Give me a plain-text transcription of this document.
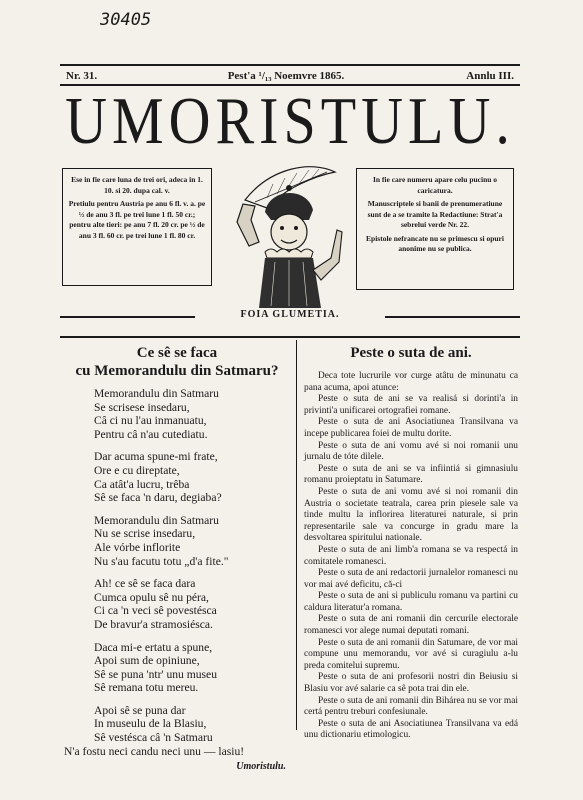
30405
Nr. 31.	Pest'a ¹/₁₃ Noemvre 1865.	Annlu III.
UMORISTULU.

Ese in fie care luna de trei ori, adeca in 1. 10. si 20. dupa cal. v.

Pretiulu pentru Austria pe anu 6 fl. v. a. pe ½ de anu 3 fl. pe trei lune 1 fl. 50 cr.; pentru alte tieri: pe anu 7 fl. 20 cr. pe ½ de anu 3 fl. 60 cr. pe trei lune 1 fl. 80 cr.

In fie care numeru apare celu pucinu o caricatura.

Manuscriptele si banii de prenumeratiune sunt de a se tramite la Redactiune: Strat'a sebrelui verde Nr. 22.

Epistole nefrancate nu se primescu si opuri anonime nu se publica.

FOIA GLUMETIA.
Ce sê se faca
cu Memorandulu din Satmaru?
Memorandulu din Satmaru
Se scrisese insedaru,
Câ ci nu l'au inmanuatu,
Pentru câ n'au cutediatu.
Dar acuma spune-mi frate,
Ore e cu direptate,
Ca atât'a lucru, trêba
Sê se faca 'n daru, degiaba?
Memorandulu din Satmaru
Nu se scrise insedaru,
Ale vórbe inflorite
Nu s'au facutu totu „d'a fite."
Ah! ce sê se faca dara
Cumca opulu sê nu péra,
Ci ca 'n veci sê povestésca
De bravur'a stramosiésca.
Daca mi-e ertatu a spune,
Apoi sum de opiniune,
Sê se puna 'ntr' unu museu
Sê remana totu mereu.
Apoi sê se puna dar
In museulu de la Blasiu,
Sê vestésca câ 'n Satmaru
N'a fostu neci candu neci unu — lasiu!
Umoristulu.
Peste o suta de ani.

Deca tote lucrurile vor curge atâtu de minunatu ca pana acuma, apoi atunce:

Peste o suta de ani se va realisá si dorinti'a in privinti'a unificarei ortografiei romane.

Peste o suta de ani Asociatiunea Transilvana va incepe publicarea foiei de multu dorite.

Peste o suta de ani vomu avé si noi romanii unu jurnalu de tóte dilele.

Peste o suta de ani se va infiintiá si gimnasiulu romanu proieptatu in Satumare.

Peste o suta de ani vomu avé si noi romanii din Austria o societate teatrala, carea prin piesele sale va tinde multu la inflorirea literaturei naturale, si prin representarile sale va concurge in gradu mare la desvoltarea spiritului nationale.

Peste o suta de ani limb'a romana se va respectá in comitatele romanesci.

Peste o suta de ani redactorii jurnalelor romanesci nu vor mai avé deficitu, că-ci

Peste o suta de ani si publiculu romanu va partini cu caldura literatur'a romana.

Peste o suta de ani romanii din cercurile electorale romanesci vor alege numai deputati romani.

Peste o suta de ani romanii din Satumare, de vor mai compune unu memorandu, vor avé si curagiulu a-lu preda comitelui supremu.

Peste o suta de ani profesorii nostri din Beiusiu si Blasiu vor avé salarie ca sê pota trai din ele.

Peste o suta de ani romanii din Bihárea nu se vor mai certá pentru treburi confesiunale.

Peste o suta de ani Asociatiunea Transilvana va edá unu dictionariu etimologicu.
